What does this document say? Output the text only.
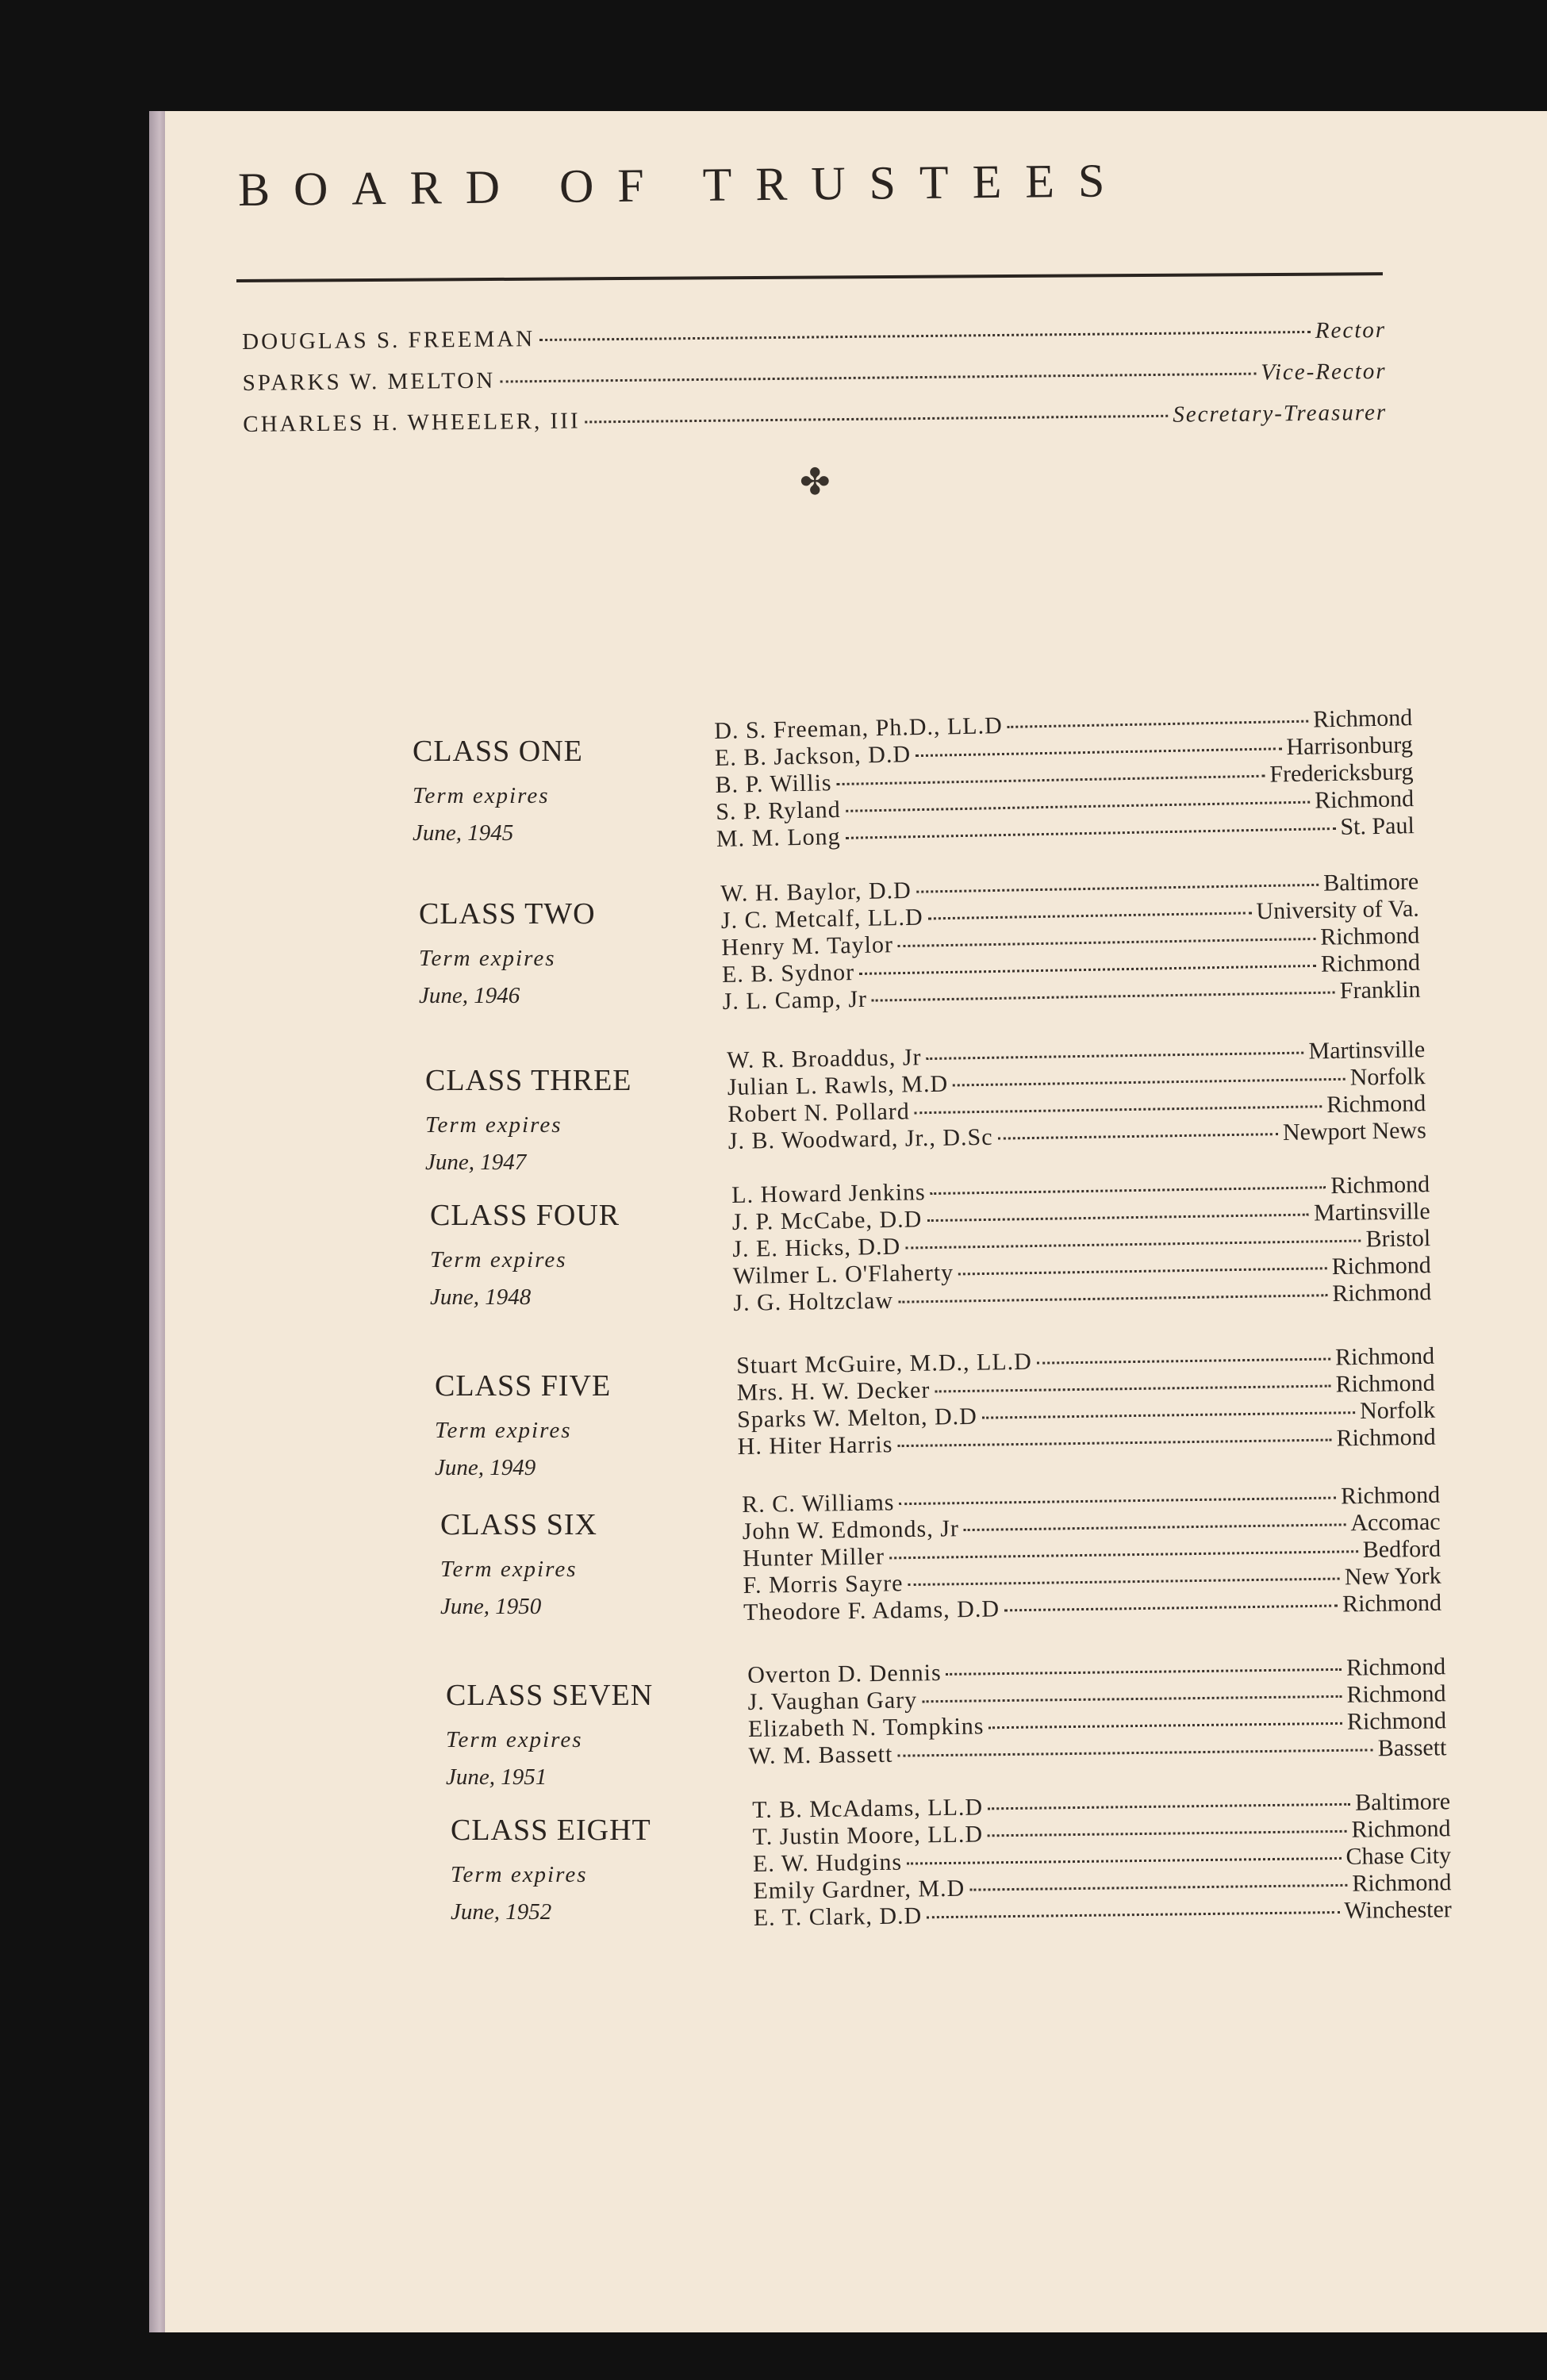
BOARD OF TRUSTEES
DOUGLAS S. FREEMAN	Rector
SPARKS W. MELTON	Vice-Rector
CHARLES H. WHEELER, III	Secretary-Treasurer
✤
CLASS ONE
Term expires
June, 1945
D. S. Freeman, Ph.D., LL.D	Richmond
E. B. Jackson, D.D	Harrisonburg
B. P. Willis	Fredericksburg
S. P. Ryland	Richmond
M. M. Long	St. Paul
CLASS TWO
Term expires
June, 1946
W. H. Baylor, D.D	Baltimore
J. C. Metcalf, LL.D	University of Va.
Henry M. Taylor	Richmond
E. B. Sydnor	Richmond
J. L. Camp, Jr	Franklin
CLASS THREE
Term expires
June, 1947
W. R. Broaddus, Jr	Martinsville
Julian L. Rawls, M.D	Norfolk
Robert N. Pollard	Richmond
J. B. Woodward, Jr., D.Sc	Newport News
CLASS FOUR
Term expires
June, 1948
L. Howard Jenkins	Richmond
J. P. McCabe, D.D	Martinsville
J. E. Hicks, D.D	Bristol
Wilmer L. O'Flaherty	Richmond
J. G. Holtzclaw	Richmond
CLASS FIVE
Term expires
June, 1949
Stuart McGuire, M.D., LL.D	Richmond
Mrs. H. W. Decker	Richmond
Sparks W. Melton, D.D	Norfolk
H. Hiter Harris	Richmond
CLASS SIX
Term expires
June, 1950
R. C. Williams	Richmond
John W. Edmonds, Jr	Accomac
Hunter Miller	Bedford
F. Morris Sayre	New York
Theodore F. Adams, D.D	Richmond
CLASS SEVEN
Term expires
June, 1951
Overton D. Dennis	Richmond
J. Vaughan Gary	Richmond
Elizabeth N. Tompkins	Richmond
W. M. Bassett	Bassett
CLASS EIGHT
Term expires
June, 1952
T. B. McAdams, LL.D	Baltimore
T. Justin Moore, LL.D	Richmond
E. W. Hudgins	Chase City
Emily Gardner, M.D	Richmond
E. T. Clark, D.D	Winchester
